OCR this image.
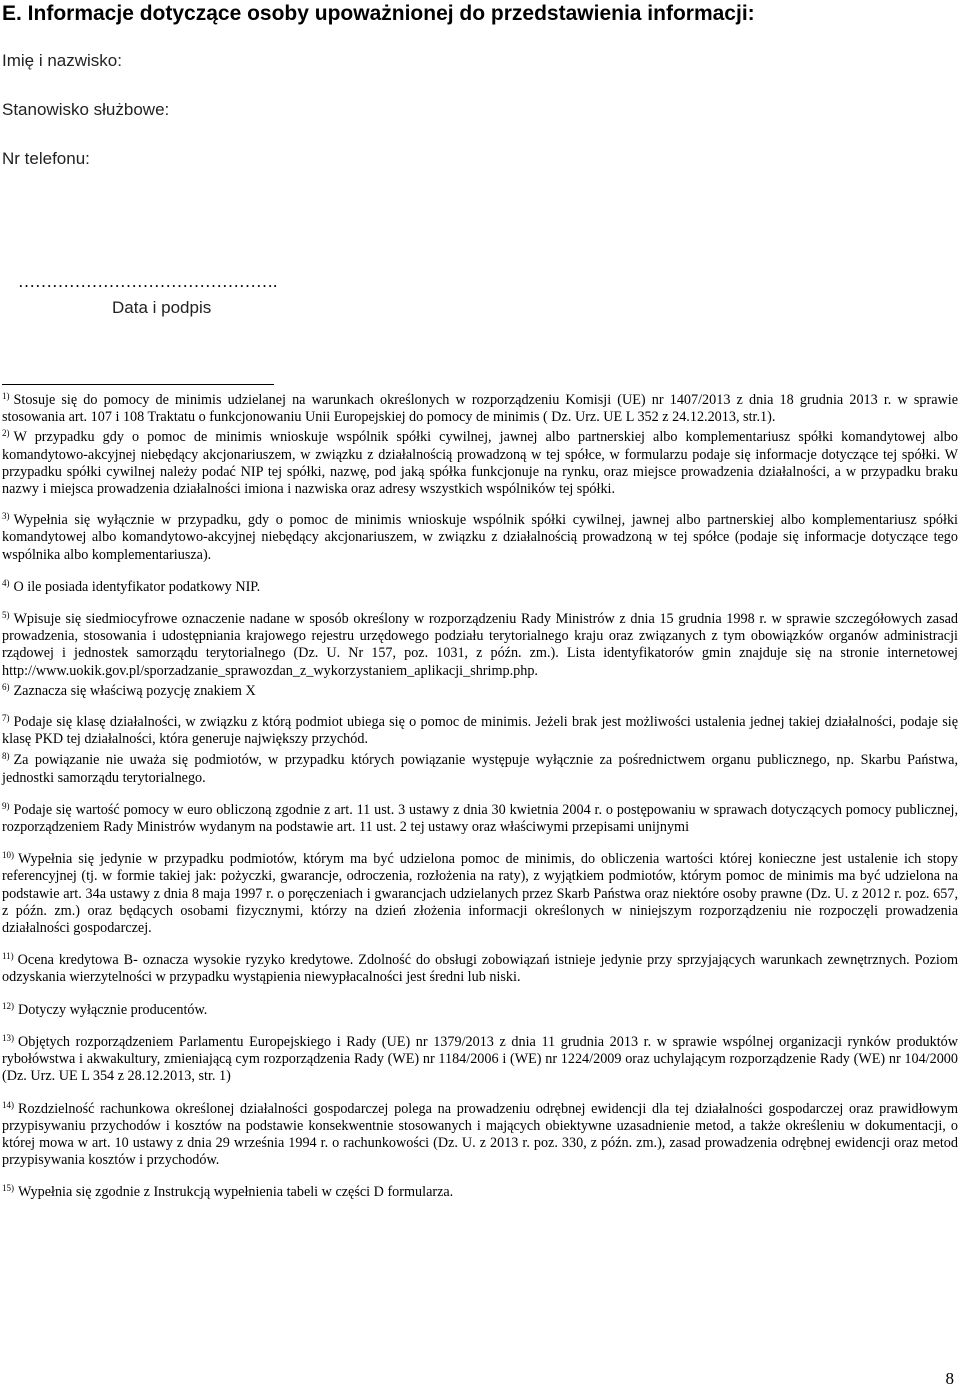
E. Informacje dotyczące osoby upoważnionej do przedstawienia informacji:

Imię i nazwisko:

Stanowisko służbowe:

Nr telefonu:

……………………………………….
Data i podpis

$^{1)}$ Stosuje się do pomocy de minimis udzielanej na warunkach określonych w rozporządzeniu Komisji (UE) nr 1407/2013 z dnia 18 grudnia 2013 r. w sprawie stosowania art. 107 i 108 Traktatu o funkcjonowaniu Unii Europejskiej do pomocy de minimis ( Dz. Urz. UE L 352 z 24.12.2013, str.1).

$^{2)}$ W przypadku gdy o pomoc de minimis wnioskuje wspólnik spółki cywilnej, jawnej albo partnerskiej albo komplementariusz spółki komandytowej albo komandytowo-akcyjnej niebędący akcjonariuszem, w związku z działalnością prowadzoną w tej spółce, w formularzu podaje się informacje dotyczące tej spółki. W przypadku spółki cywilnej należy podać NIP tej spółki, nazwę, pod jaką spółka funkcjonuje na rynku, oraz miejsce prowadzenia działalności, a w przypadku braku nazwy i miejsca prowadzenia działalności imiona i nazwiska oraz adresy wszystkich wspólników tej spółki.

$^{3)}$ Wypełnia się wyłącznie w przypadku, gdy o pomoc de minimis wnioskuje wspólnik spółki cywilnej, jawnej albo partnerskiej albo komplementariusz spółki komandytowej albo komandytowo-akcyjnej niebędący akcjonariuszem, w związku z działalnością prowadzoną w tej spółce (podaje się informacje dotyczące tego wspólnika albo komplementariusza).

$^{4)}$ O ile posiada identyfikator podatkowy NIP.

$^{5)}$ Wpisuje się siedmiocyfrowe oznaczenie nadane w sposób określony w rozporządzeniu Rady Ministrów z dnia 15 grudnia 1998 r. w sprawie szczegółowych zasad prowadzenia, stosowania i udostępniania krajowego rejestru urzędowego podziału terytorialnego kraju oraz związanych z tym obowiązków organów administracji rządowej i jednostek samorządu terytorialnego (Dz. U. Nr 157, poz. 1031, z późn. zm.). Lista identyfikatorów gmin znajduje się na stronie internetowej http://www.uokik.gov.pl/sporzadzanie_sprawozdan_z_wykorzystaniem_aplikacji_shrimp.php.

$^{6)}$ Zaznacza się właściwą pozycję znakiem X

$^{7)}$ Podaje się klasę działalności, w związku z którą podmiot ubiega się o pomoc de minimis. Jeżeli brak jest możliwości ustalenia jednej takiej działalności, podaje się klasę PKD tej działalności, która generuje największy przychód.

$^{8)}$ Za powiązanie nie uważa się podmiotów, w przypadku których powiązanie występuje wyłącznie za pośrednictwem organu publicznego, np. Skarbu Państwa, jednostki samorządu terytorialnego.

$^{9)}$ Podaje się wartość pomocy w euro obliczoną zgodnie z art. 11 ust. 3 ustawy z dnia 30 kwietnia 2004 r. o postępowaniu w sprawach dotyczących pomocy publicznej, rozporządzeniem Rady Ministrów wydanym na podstawie art. 11 ust. 2 tej ustawy oraz właściwymi przepisami unijnymi

$^{10)}$ Wypełnia się jedynie w przypadku podmiotów, którym ma być udzielona pomoc de minimis, do obliczenia wartości której konieczne jest ustalenie ich stopy referencyjnej (tj. w formie takiej jak: pożyczki, gwarancje, odroczenia, rozłożenia na raty), z wyjątkiem podmiotów, którym pomoc de minimis ma być udzielona na podstawie art. 34a ustawy z dnia 8 maja 1997 r. o poręczeniach i gwarancjach udzielanych przez Skarb Państwa oraz niektóre osoby prawne (Dz. U. z 2012 r. poz. 657, z późn. zm.) oraz będących osobami fizycznymi, którzy na dzień złożenia informacji określonych w niniejszym rozporządzeniu nie rozpoczęli prowadzenia działalności gospodarczej.

$^{11)}$ Ocena kredytowa B- oznacza wysokie ryzyko kredytowe. Zdolność do obsługi zobowiązań istnieje jedynie przy sprzyjających warunkach zewnętrznych. Poziom odzyskania wierzytelności w przypadku wystąpienia niewypłacalności jest średni lub niski.

$^{12)}$ Dotyczy wyłącznie producentów.

$^{13)}$ Objętych rozporządzeniem Parlamentu Europejskiego i Rady (UE) nr 1379/2013 z dnia 11 grudnia 2013 r. w sprawie wspólnej organizacji rynków produktów rybołówstwa i akwakultury, zmieniającą cym rozporządzenia Rady (WE) nr 1184/2006 i (WE) nr 1224/2009 oraz uchylającym rozporządzenie Rady (WE) nr 104/2000 (Dz. Urz. UE L 354 z 28.12.2013, str. 1)

$^{14)}$ Rozdzielność rachunkowa określonej działalności gospodarczej polega na prowadzeniu odrębnej ewidencji dla tej działalności gospodarczej oraz prawidłowym przypisywaniu przychodów i kosztów na podstawie konsekwentnie stosowanych i mających obiektywne uzasadnienie metod, a także określeniu w dokumentacji, o której mowa w art. 10 ustawy z dnia 29 września 1994 r. o rachunkowości (Dz. U. z 2013 r. poz. 330, z późn. zm.), zasad prowadzenia odrębnej ewidencji oraz metod przypisywania kosztów i przychodów.

$^{15)}$ Wypełnia się zgodnie z Instrukcją wypełnienia tabeli w części D formularza.

8
